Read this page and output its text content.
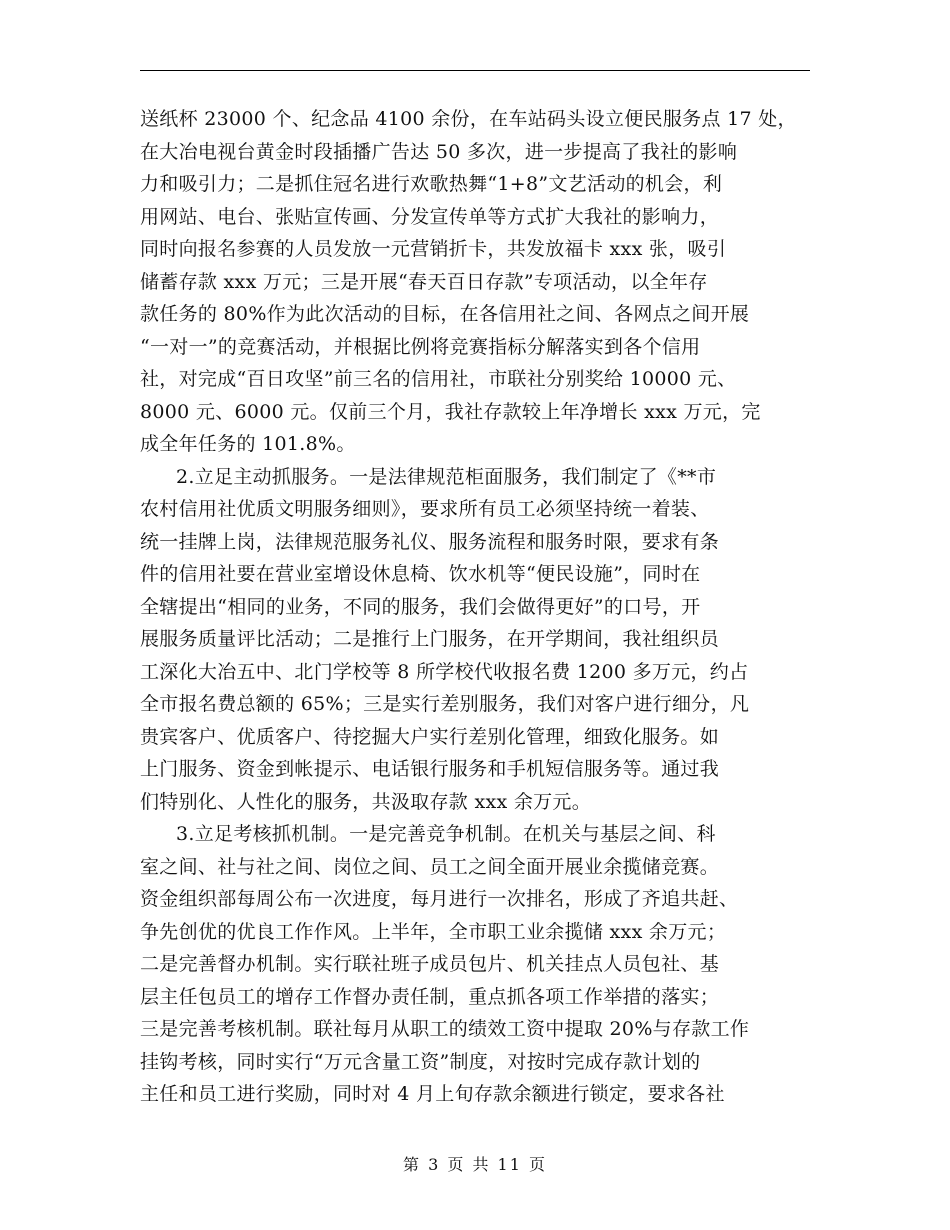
送纸杯 23000 个、纪念品 4100 余份，在车站码头设立便民服务点 17 处，
在大冶电视台黄金时段插播广告达 50 多次，进一步提高了我社的影响
力和吸引力；二是抓住冠名进行欢歌热舞“1+8”文艺活动的机会，利
用网站、电台、张贴宣传画、分发宣传单等方式扩大我社的影响力，
同时向报名参赛的人员发放一元营销折卡，共发放福卡 xxx 张，吸引
储蓄存款 xxx 万元；三是开展“春天百日存款”专项活动，以全年存
款任务的 80%作为此次活动的目标，在各信用社之间、各网点之间开展
“一对一”的竞赛活动，并根据比例将竞赛指标分解落实到各个信用
社，对完成“百日攻坚”前三名的信用社，市联社分别奖给 10000 元、
8000 元、6000 元。仅前三个月，我社存款较上年净增长 xxx 万元，完
成全年任务的 101.8%。
2.立足主动抓服务。一是法律规范柜面服务，我们制定了《**市
农村信用社优质文明服务细则》，要求所有员工必须坚持统一着装、
统一挂牌上岗，法律规范服务礼仪、服务流程和服务时限，要求有条
件的信用社要在营业室增设休息椅、饮水机等“便民设施”，同时在
全辖提出“相同的业务，不同的服务，我们会做得更好”的口号，开
展服务质量评比活动；二是推行上门服务，在开学期间，我社组织员
工深化大冶五中、北门学校等 8 所学校代收报名费 1200 多万元，约占
全市报名费总额的 65%；三是实行差别服务，我们对客户进行细分，凡
贵宾客户、优质客户、待挖掘大户实行差别化管理，细致化服务。如
上门服务、资金到帐提示、电话银行服务和手机短信服务等。通过我
们特别化、人性化的服务，共汲取存款 xxx 余万元。
3.立足考核抓机制。一是完善竞争机制。在机关与基层之间、科
室之间、社与社之间、岗位之间、员工之间全面开展业余揽储竞赛。
资金组织部每周公布一次进度，每月进行一次排名，形成了齐追共赶、
争先创优的优良工作作风。上半年，全市职工业余揽储 xxx 余万元；
二是完善督办机制。实行联社班子成员包片、机关挂点人员包社、基
层主任包员工的增存工作督办责任制，重点抓各项工作举措的落实；
三是完善考核机制。联社每月从职工的绩效工资中提取 20%与存款工作
挂钩考核，同时实行“万元含量工资”制度，对按时完成存款计划的
主任和员工进行奖励，同时对 4 月上旬存款余额进行锁定，要求各社
第 3 页 共 11 页
